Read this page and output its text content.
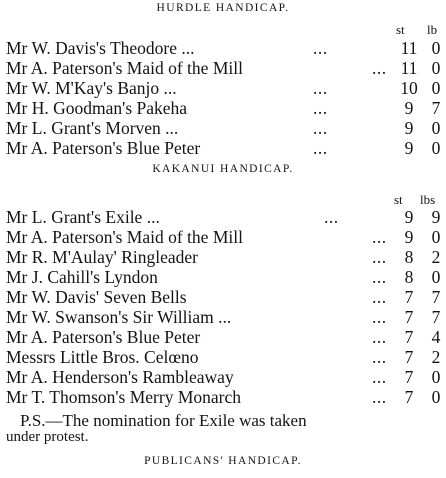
HURDLE HANDICAP.
st lb
Mr W. Davis's Theodore ...	...	11 0
Mr A. Paterson's Maid of the Mill	... 11 0
Mr W. M'Kay's Banjo ...	...	10 0
Mr H. Goodman's Pakeha	...	9	7
Mr L. Grant's Morven ...	...	9	0
Mr A. Paterson's Blue Peter	...	9	0
KAKANUI HANDICAP.
st lbs
Mr L. Grant's Exile ...	...	9	9
Mr A. Paterson's Maid of the Mill	...	9	0
Mr R. M'Aulay' Ringleader	...	8	2
Mr J. Cahill's Lyndon	...	8	0
Mr W. Davis' Seven Bells	...	7	7
Mr W. Swanson's Sir William ...	...	7	7
Mr A. Paterson's Blue Peter	...	7	4
Messrs Little Bros. Celœno	...	7	2
Mr A. Henderson's Rambleaway	...	7	0
Mr T. Thomson's Merry Monarch	...	7	0
P.S.—The nomination for Exile was taken
under protest.
PUBLICANS' HANDICAP.
